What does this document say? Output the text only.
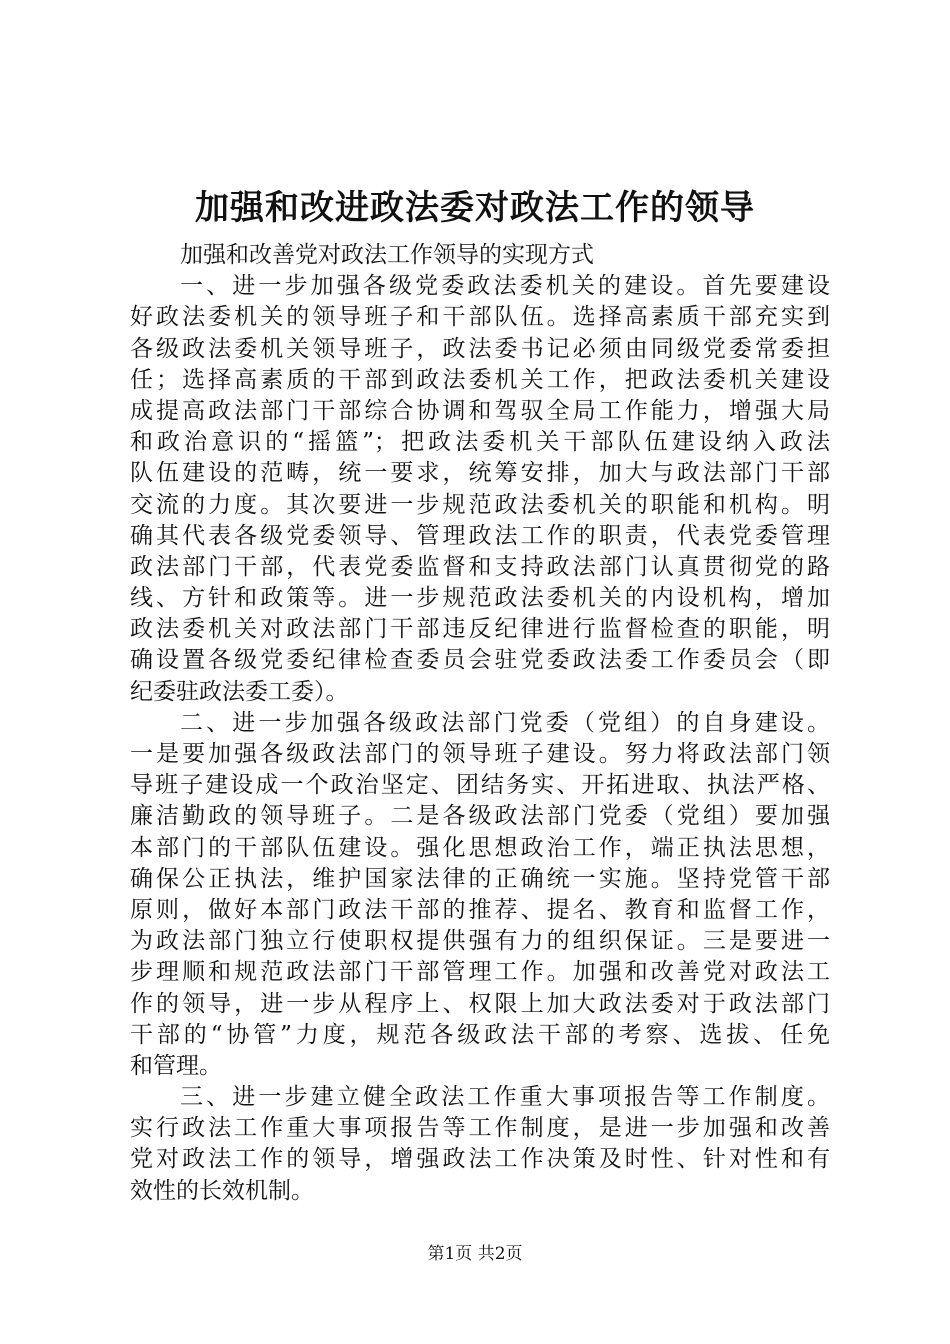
加强和改进政法委对政法工作的领导
加强和改善党对政法工作领导的实现方式
一、进一步加强各级党委政法委机关的建设。首先要建设
好政法委机关的领导班子和干部队伍。选择高素质干部充实到
各级政法委机关领导班子，政法委书记必须由同级党委常委担
任；选择高素质的干部到政法委机关工作，把政法委机关建设
成提高政法部门干部综合协调和驾驭全局工作能力，增强大局
和政治意识的“摇篮”；把政法委机关干部队伍建设纳入政法
队伍建设的范畴，统一要求，统筹安排，加大与政法部门干部
交流的力度。其次要进一步规范政法委机关的职能和机构。明
确其代表各级党委领导、管理政法工作的职责，代表党委管理
政法部门干部，代表党委监督和支持政法部门认真贯彻党的路
线、方针和政策等。进一步规范政法委机关的内设机构，增加
政法委机关对政法部门干部违反纪律进行监督检查的职能，明
确设置各级党委纪律检查委员会驻党委政法委工作委员会（即
纪委驻政法委工委）。
二、进一步加强各级政法部门党委（党组）的自身建设。
一是要加强各级政法部门的领导班子建设。努力将政法部门领
导班子建设成一个政治坚定、团结务实、开拓进取、执法严格、
廉洁勤政的领导班子。二是各级政法部门党委（党组）要加强
本部门的干部队伍建设。强化思想政治工作，端正执法思想，
确保公正执法，维护国家法律的正确统一实施。坚持党管干部
原则，做好本部门政法干部的推荐、提名、教育和监督工作，
为政法部门独立行使职权提供强有力的组织保证。三是要进一
步理顺和规范政法部门干部管理工作。加强和改善党对政法工
作的领导，进一步从程序上、权限上加大政法委对于政法部门
干部的“协管”力度，规范各级政法干部的考察、选拔、任免
和管理。
三、进一步建立健全政法工作重大事项报告等工作制度。
实行政法工作重大事项报告等工作制度，是进一步加强和改善
党对政法工作的领导，增强政法工作决策及时性、针对性和有
效性的长效机制。
第1页 共2页
